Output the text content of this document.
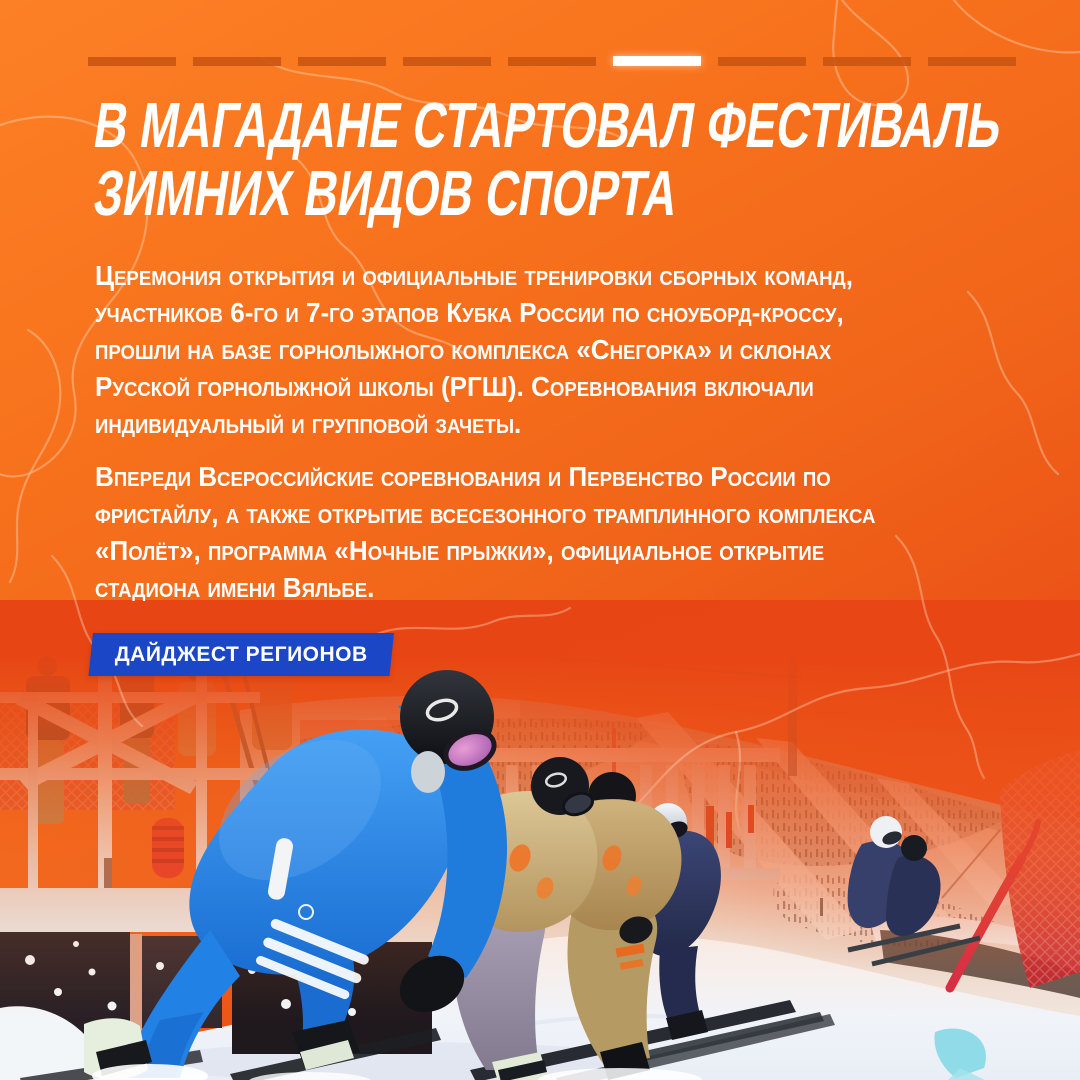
В МАГАДАНЕ СТАРТОВАЛ ФЕСТИВАЛЬ
ЗИМНИХ ВИДОВ СПОРТА
Церемония открытия и официальные тренировки сборных команд,
участников 6-го и 7-го этапов Кубка России по сноуборд-кроссу,
прошли на базе горнолыжного комплекса «Снегорка» и склонах
Русской горнолыжной школы (РГШ). Соревнования включали
индивидуальный и групповой зачеты.
Впереди Всероссийские соревнования и Первенство России по
фристайлу, а также открытие всесезонного трамплинного комплекса
«Полёт», программа «Ночные прыжки», официальное открытие
стадиона имени Вяльбе.
ДАЙДЖЕСТ РЕГИОНОВ
